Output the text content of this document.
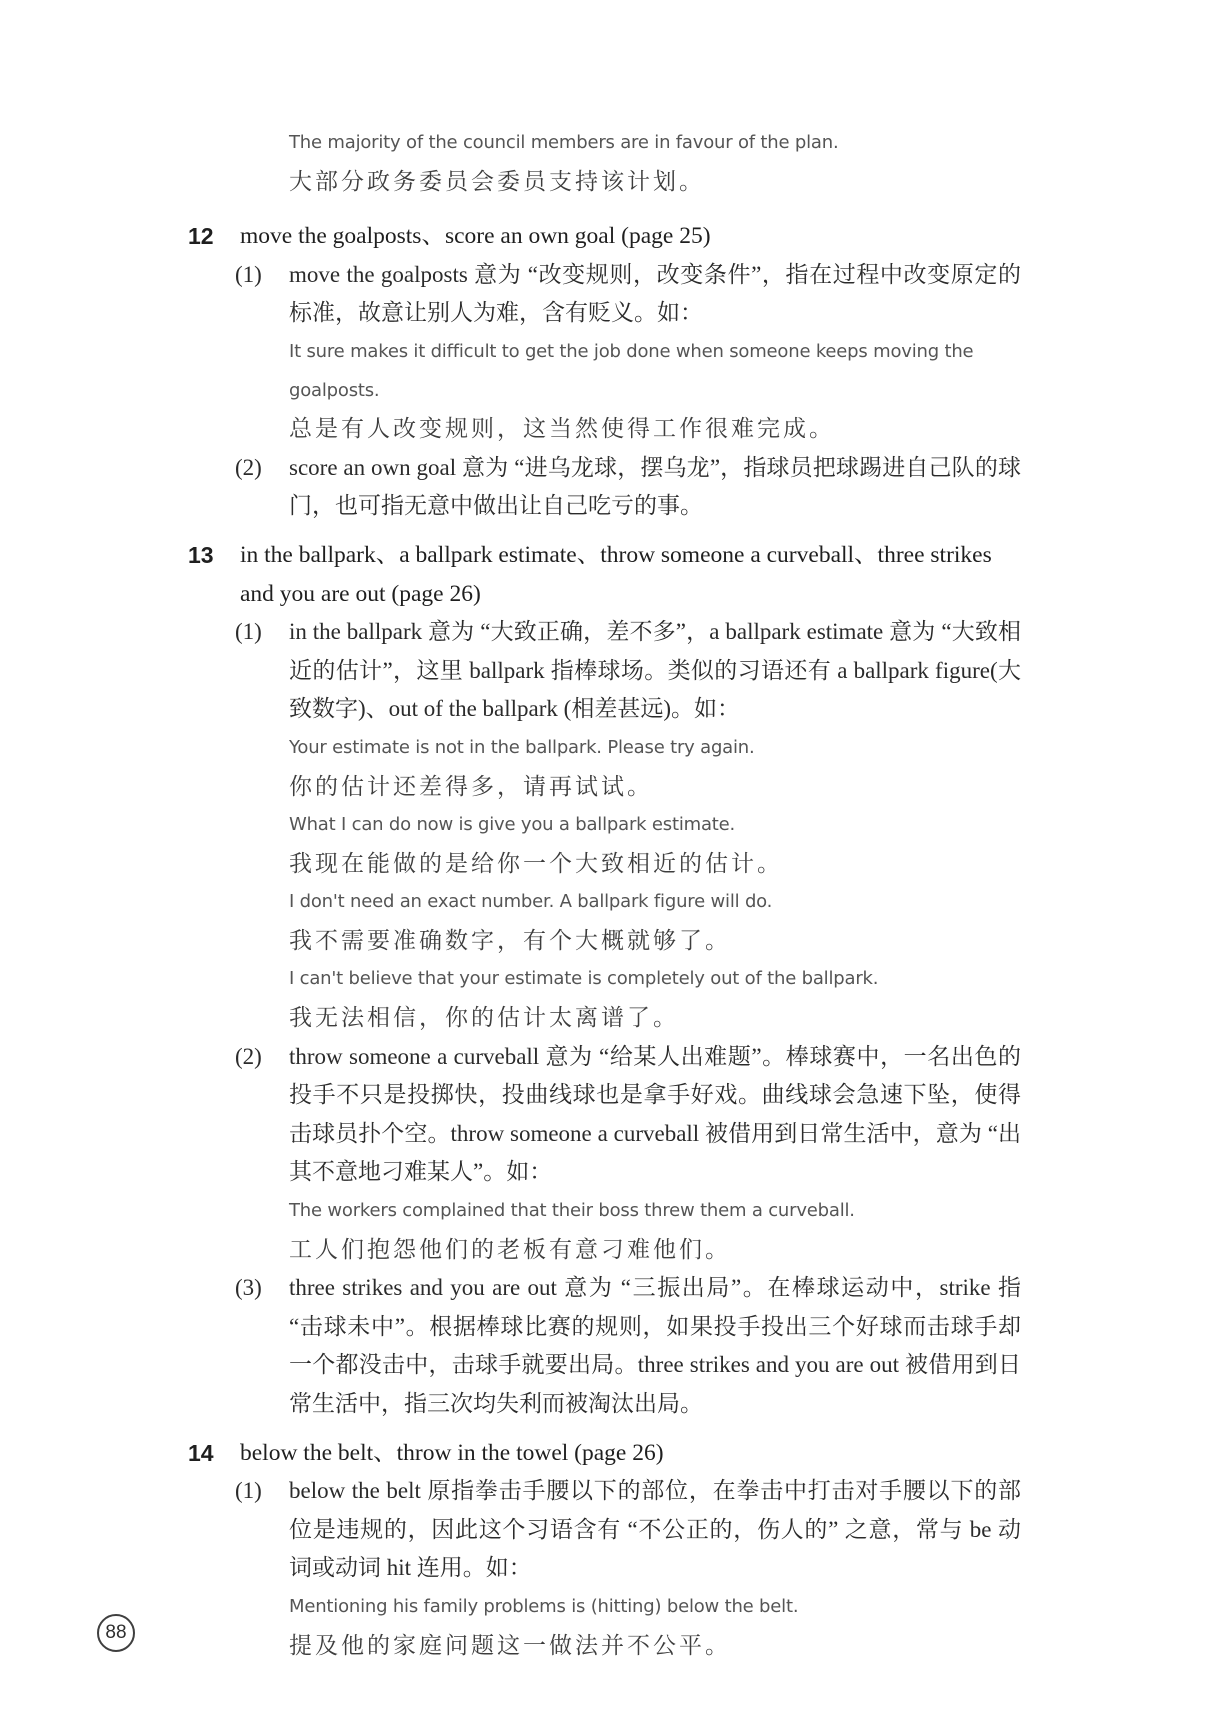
The majority of the council members are in favour of the plan.

大部分政务委员会委员支持该计划。

12	move the goalposts、score an own goal (page 25)
(1)	move the goalposts 意为 “改变规则，改变条件”，指在过程中改变原定的标准，故意让别人为难，含有贬义。如：

It sure makes it difficult to get the job done when someone keeps moving the goalposts.

总是有人改变规则，这当然使得工作很难完成。

(2)	score an own goal 意为 “进乌龙球，摆乌龙”，指球员把球踢进自己队的球门，也可指无意中做出让自己吃亏的事。

13	in the ballpark、a ballpark estimate、throw someone a curveball、three strikes and you are out (page 26)
(1)	in the ballpark 意为 “大致正确，差不多”，a ballpark estimate 意为 “大致相近的估计”，这里 ballpark 指棒球场。类似的习语还有 a ballpark figure(大致数字)、out of the ballpark (相差甚远)。如：

Your estimate is not in the ballpark. Please try again.

你的估计还差得多，请再试试。

What I can do now is give you a ballpark estimate.

我现在能做的是给你一个大致相近的估计。

I don't need an exact number. A ballpark figure will do.

我不需要准确数字，有个大概就够了。

I can't believe that your estimate is completely out of the ballpark.

我无法相信，你的估计太离谱了。

(2)	throw someone a curveball 意为 “给某人出难题”。棒球赛中，一名出色的投手不只是投掷快，投曲线球也是拿手好戏。曲线球会急速下坠，使得击球员扑个空。throw someone a curveball 被借用到日常生活中，意为 “出其不意地刁难某人”。如：

The workers complained that their boss threw them a curveball.

工人们抱怨他们的老板有意刁难他们。

(3)	three strikes and you are out 意为 “三振出局”。在棒球运动中，strike 指 “击球未中”。根据棒球比赛的规则，如果投手投出三个好球而击球手却一个都没击中，击球手就要出局。three strikes and you are out 被借用到日常生活中，指三次均失利而被淘汰出局。

14	below the belt、throw in the towel (page 26)
(1)	below the belt 原指拳击手腰以下的部位，在拳击中打击对手腰以下的部位是违规的，因此这个习语含有 “不公正的，伤人的” 之意，常与 be 动词或动词 hit 连用。如：

Mentioning his family problems is (hitting) below the belt.

提及他的家庭问题这一做法并不公平。

88
